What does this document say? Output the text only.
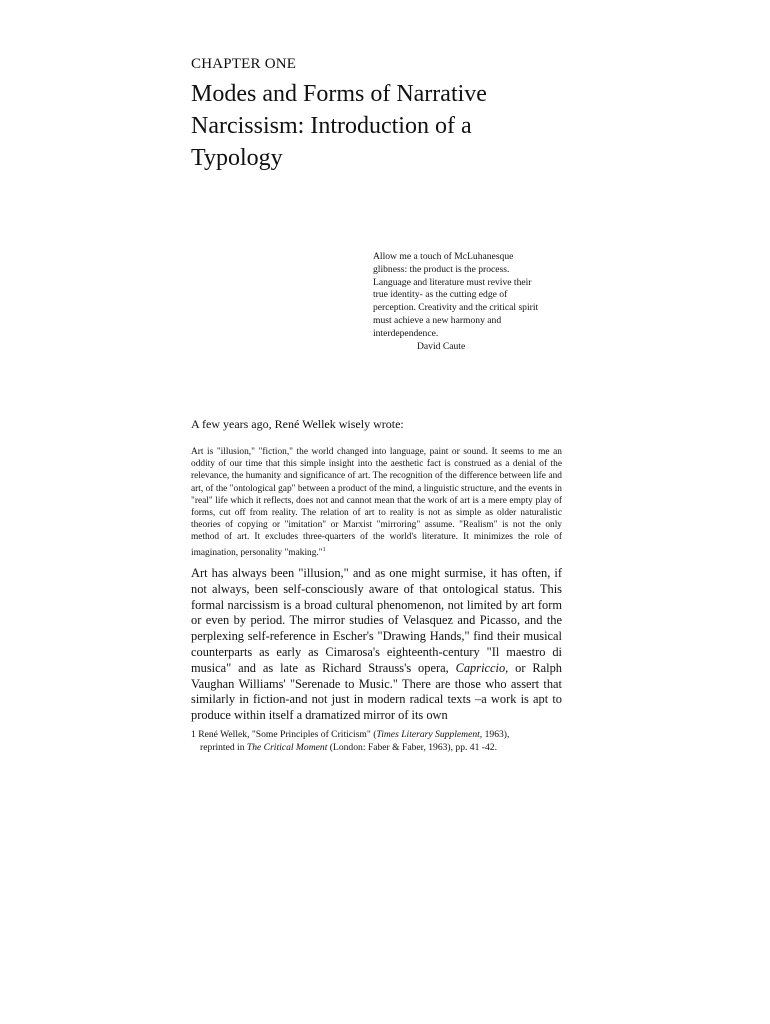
CHAPTER ONE
Modes and Forms of Narrative Narcissism: Introduction of a Typology

Allow me a touch of McLuhanesque glibness: the product is the process. Language and literature must revive their true identity- as the cutting edge of perception. Creativity and the critical spirit must achieve a new harmony and interdependence.

David Caute

A few years ago, René Wellek wisely wrote:

Art is "illusion," "fiction," the world changed into language, paint or sound. It seems to me an oddity of our time that this simple insight into the aesthetic fact is construed as a denial of the relevance, the humanity and significance of art. The recognition of the difference between life and art, of the "ontological gap" between a product of the mind, a linguistic structure, and the events in "real" life which it reflects, does not and cannot mean that the work of art is a mere empty play of forms, cut off from reality. The relation of art to reality is not as simple as older naturalistic theories of copying or "imitation" or Marxist "mirroring" assume. "Realism" is not the only method of art. It excludes three-quarters of the world's literature. It minimizes the role of imagination, personality "making."$^1$

Art has always been "illusion," and as one might surmise, it has often, if not always, been self-consciously aware of that ontological status. This formal narcissism is a broad cultural phenomenon, not limited by art form or even by period. The mirror studies of Velasquez and Picasso, and the perplexing self-reference in Escher's "Drawing Hands," find their musical counterparts as early as Cimarosa's eighteenth-century "Il maestro di musica" and as late as Richard Strauss's opera, Capriccio, or Ralph Vaughan Williams' "Serenade to Music." There are those who assert that similarly in fiction-and not just in modern radical texts –a work is apt to produce within itself a dramatized mirror of its own

1 René Wellek, "Some Principles of Criticism" (Times Literary Supplement, 1963),
reprinted in The Critical Moment (London: Faber & Faber, 1963), pp. 41 -42.
